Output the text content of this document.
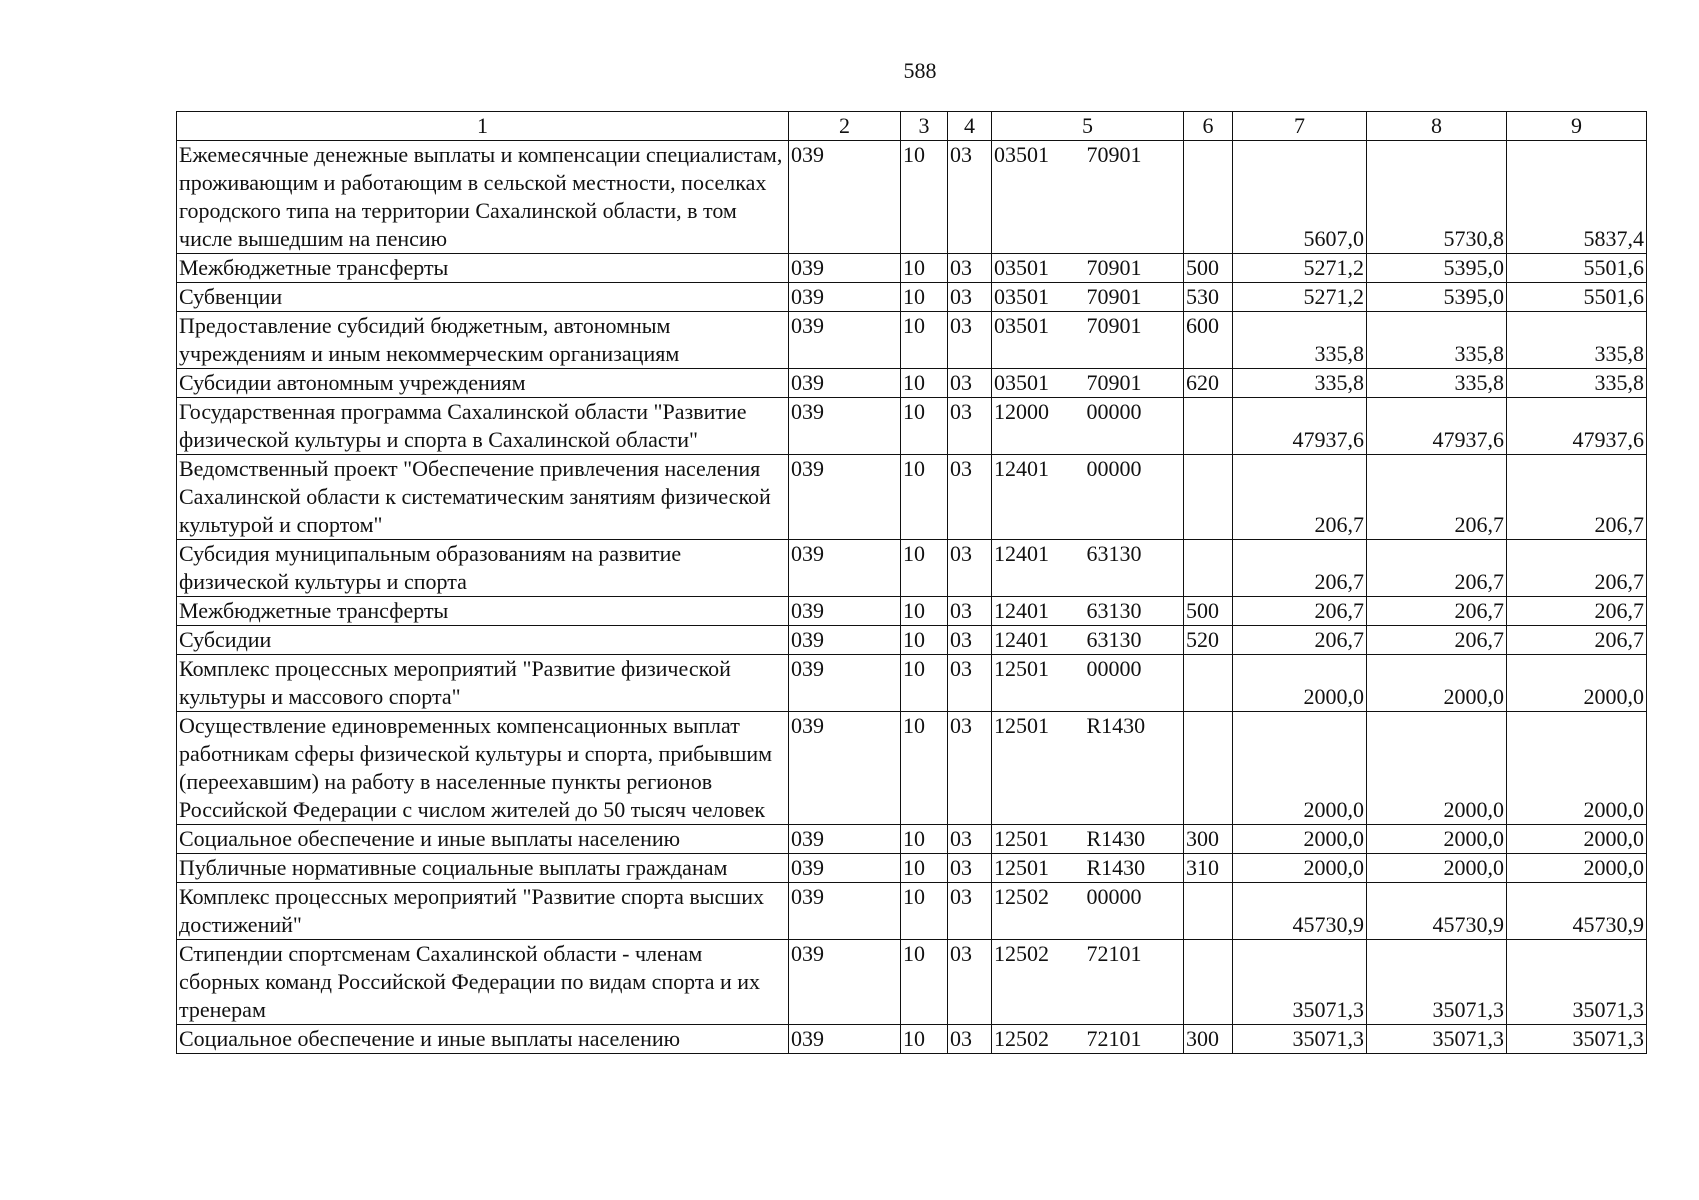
588
1	2	3	4	5		6	7	8	9
Ежемесячные денежные выплаты и компенсации специалистам, проживающим и работающим в сельской местности, поселках городского типа на территории Сахалинской области, в том числе вышедшим на пенсию	039	10	03	03501	70901		5607,0	5730,8	5837,4
Межбюджетные трансферты	039	10	03	03501	70901	500	5271,2	5395,0	5501,6
Субвенции	039	10	03	03501	70901	530	5271,2	5395,0	5501,6
Предоставление субсидий бюджетным, автономным учреждениям и иным некоммерческим организациям	039	10	03	03501	70901	600	335,8	335,8	335,8
Субсидии автономным учреждениям	039	10	03	03501	70901	620	335,8	335,8	335,8
Государственная программа Сахалинской области "Развитие физической культуры и спорта в Сахалинской области"	039	10	03	12000	00000		47937,6	47937,6	47937,6
Ведомственный проект "Обеспечение привлечения населения Сахалинской области к систематическим занятиям физической культурой и спортом"	039	10	03	12401	00000		206,7	206,7	206,7
Субсидия муниципальным образованиям на развитие физической культуры и спорта	039	10	03	12401	63130		206,7	206,7	206,7
Межбюджетные трансферты	039	10	03	12401	63130	500	206,7	206,7	206,7
Субсидии	039	10	03	12401	63130	520	206,7	206,7	206,7
Комплекс процессных мероприятий "Развитие физической культуры и массового спорта"	039	10	03	12501	00000		2000,0	2000,0	2000,0
Осуществление единовременных компенсационных выплат работникам сферы физической культуры и спорта, прибывшим (переехавшим) на работу в населенные пункты регионов Российской Федерации с числом жителей до 50 тысяч человек	039	10	03	12501	R1430		2000,0	2000,0	2000,0
Социальное обеспечение и иные выплаты населению	039	10	03	12501	R1430	300	2000,0	2000,0	2000,0
Публичные нормативные социальные выплаты гражданам	039	10	03	12501	R1430	310	2000,0	2000,0	2000,0
Комплекс процессных мероприятий "Развитие спорта высших достижений"	039	10	03	12502	00000		45730,9	45730,9	45730,9
Стипендии спортсменам Сахалинской области - членам сборных команд Российской Федерации по видам спорта и их тренерам	039	10	03	12502	72101		35071,3	35071,3	35071,3
Социальное обеспечение и иные выплаты населению	039	10	03	12502	72101	300	35071,3	35071,3	35071,3
